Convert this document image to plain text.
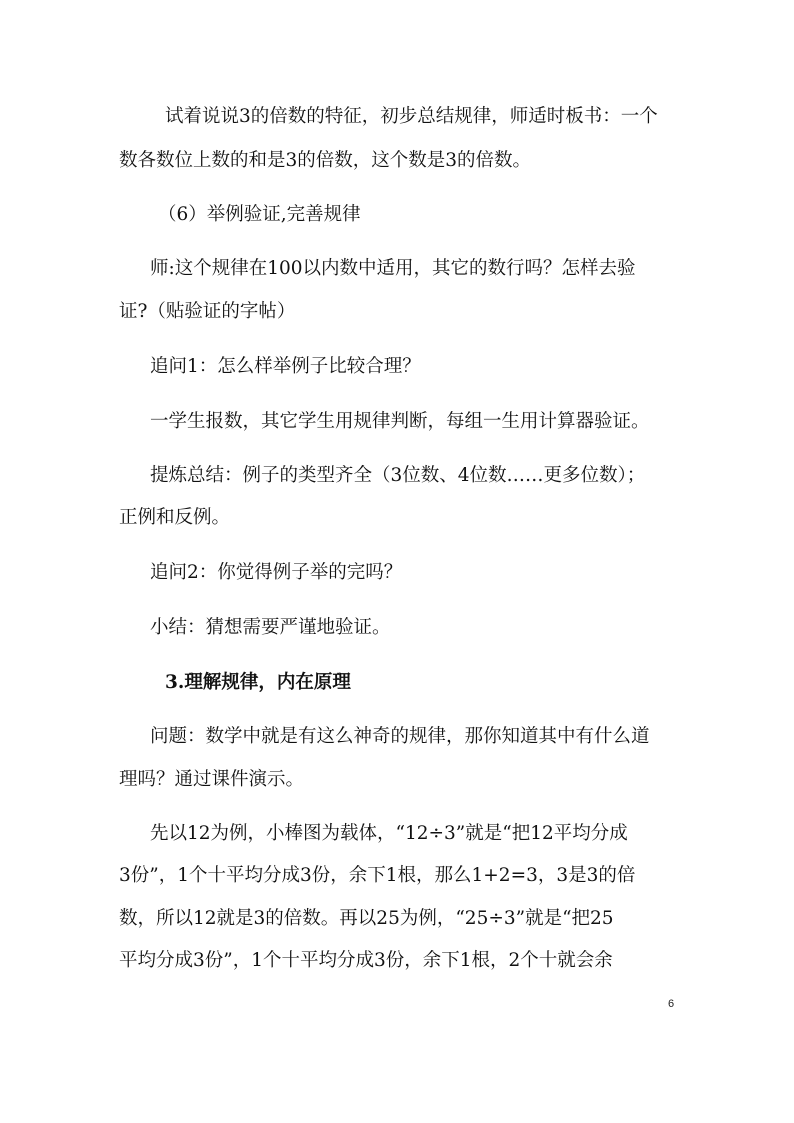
试着说说3的倍数的特征，初步总结规律，师适时板书：一个
数各数位上数的和是3的倍数，这个数是3的倍数。
（6）举例验证,完善规律
师:这个规律在100以内数中适用，其它的数行吗？怎样去验
证?（贴验证的字帖）
追问1：怎么样举例子比较合理？
一学生报数，其它学生用规律判断，每组一生用计算器验证。
提炼总结：例子的类型齐全（3位数、4位数……更多位数）；
正例和反例。
追问2：你觉得例子举的完吗？
小结：猜想需要严谨地验证。
3.理解规律，内在原理
问题：数学中就是有这么神奇的规律，那你知道其中有什么道
理吗？通过课件演示。
先以12为例，小棒图为载体，“12÷3”就是“把12平均分成
3份”，1个十平均分成3份，余下1根，那么1+2=3，3是3的倍
数，所以12就是3的倍数。再以25为例，“25÷3”就是“把25
平均分成3份”，1个十平均分成3份，余下1根，2个十就会余
6
